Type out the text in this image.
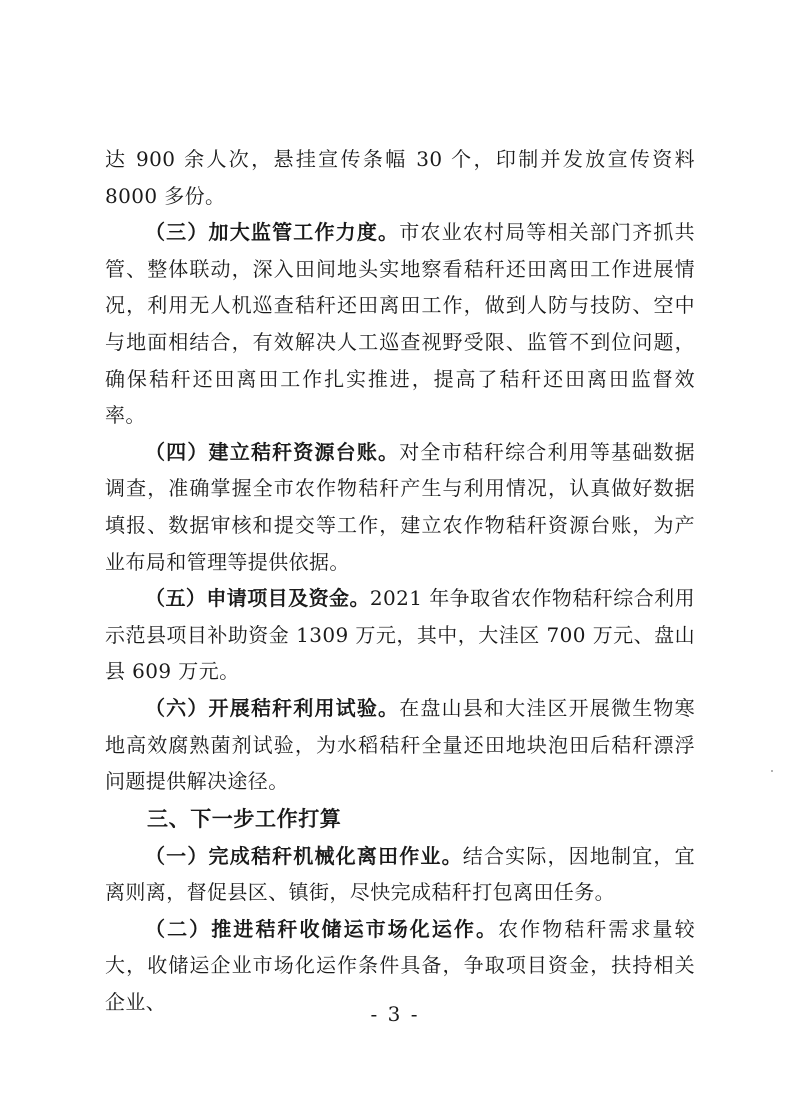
达 900 余人次，悬挂宣传条幅 30 个，印制并发放宣传资料 8000 多份。

（三）加大监管工作力度。市农业农村局等相关部门齐抓共管、整体联动，深入田间地头实地察看秸秆还田离田工作进展情况，利用无人机巡查秸秆还田离田工作，做到人防与技防、空中与地面相结合，有效解决人工巡查视野受限、监管不到位问题，确保秸秆还田离田工作扎实推进，提高了秸秆还田离田监督效率。

（四）建立秸秆资源台账。对全市秸秆综合利用等基础数据调查，准确掌握全市农作物秸秆产生与利用情况，认真做好数据填报、数据审核和提交等工作，建立农作物秸秆资源台账，为产业布局和管理等提供依据。

（五）申请项目及资金。2021 年争取省农作物秸秆综合利用示范县项目补助资金 1309 万元，其中，大洼区 700 万元、盘山县 609 万元。

（六）开展秸秆利用试验。在盘山县和大洼区开展微生物寒地高效腐熟菌剂试验，为水稻秸秆全量还田地块泡田后秸秆漂浮问题提供解决途径。

三、下一步工作打算

（一）完成秸秆机械化离田作业。结合实际，因地制宜，宜离则离，督促县区、镇街，尽快完成秸秆打包离田任务。

（二）推进秸秆收储运市场化运作。农作物秸秆需求量较大，收储运企业市场化运作条件具备，争取项目资金，扶持相关企业、	- 3 -
